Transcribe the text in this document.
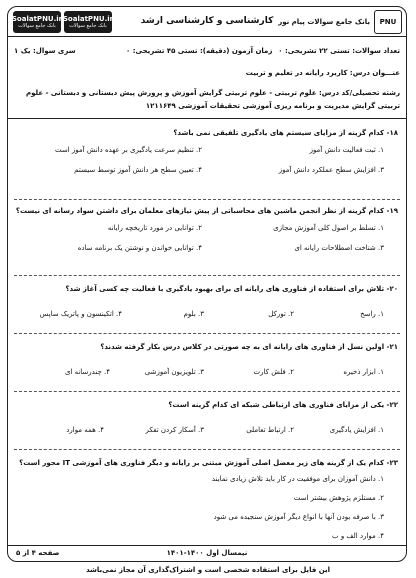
PNU
بانک جامع سوالات پیام نور
کارشناسی و کارشناسی ارشد
SoalatPNU.ir
بانک جامع سوالات
SoalatPNU.ir
بانک جامع سوالات
تعداد سوالات: تستی ۲۲ تشریحی: ۰
زمان آزمون (دقیقه): تستی ۴۵ تشریحی: ۰
سری سوال: یک ۱
عنـــوان درس: کاربرد رایانه در تعلیم و تربیت
رشته تحصیلی/کد درس: علوم تربیتی - علوم تربیتی گرایش آموزش و پرورش پیش دبستانی و دبستانی - علوم تربیتی گرایش مدیریت و برنامه ریزی آموزشی تحقیقات آموزشی ۱۲۱۱۶۴۹
۱۸- کدام گزینه از مزایای سیستم های یادگیری تلفیقی نمی باشد؟
۱. ثبت فعالیت دانش آموز
۲. تنظیم سرعت یادگیری بر عهده دانش آموز است
۳. افزایش سطح عملکرد دانش آموز
۴. تعیین سطح هر دانش آموز توسط سیستم
۱۹- کدام گزینه از نظر انجمن ماشین های محاسباتی از پیش نیازهای معلمان برای داشتن سواد رسانه ای نیست؟
۱. تسلط بر اصول کلی آموزش مجازی
۲. توانایی در مورد تاریخچه رایانه
۳. شناخت اصطلاحات رایانه ای
۴. توانایی خواندن و نوشتن یک برنامه ساده
۲۰- تلاش برای استفاده از فناوری های رایانه ای برای بهبود یادگیری با فعالیت چه کسی آغاز شد؟
۱. راسخ
۲. تورکل
۳. بلوم
۴. اتکینسون و پاتریک ساپس
۲۱- اولین نسل از فناوری های رایانه ای به چه صورتی در کلاس درس بکار گرفته شدند؟
۱. ابزار ذخیره
۲. فلش کارت
۳. تلویزیون آموزشی
۴. چندرسانه ای
۲۲- یکی از مزایای فناوری های ارتباطی شبکه ای کدام گزینه است؟
۱. افزایش یادگیری
۲. ارتباط تعاملی
۳. آسکار کردن تفکر
۴. همه موارد
۲۳- کدام یک از گزینه های زیر معضل اصلی آموزش مبتنی بر رایانه و دیگر فناوری های آموزشی IT محور است؟
۱. دانش آموزان برای موفقیت در کار باید تلاش زیادی نمایند
۲. مستلزم پژوهش بیشتر است
۳. با صرفه بودن آنها با انواع دیگر آموزش سنجیده می شود
۴. موارد الف و ب
صفحه ۴ از ۵	نیمسال اول ۱۴۰۰-۱۴۰۱
این فایل برای استفاده شخصی است و اشتراک‌گذاری آن مجاز نمی‌باشد
